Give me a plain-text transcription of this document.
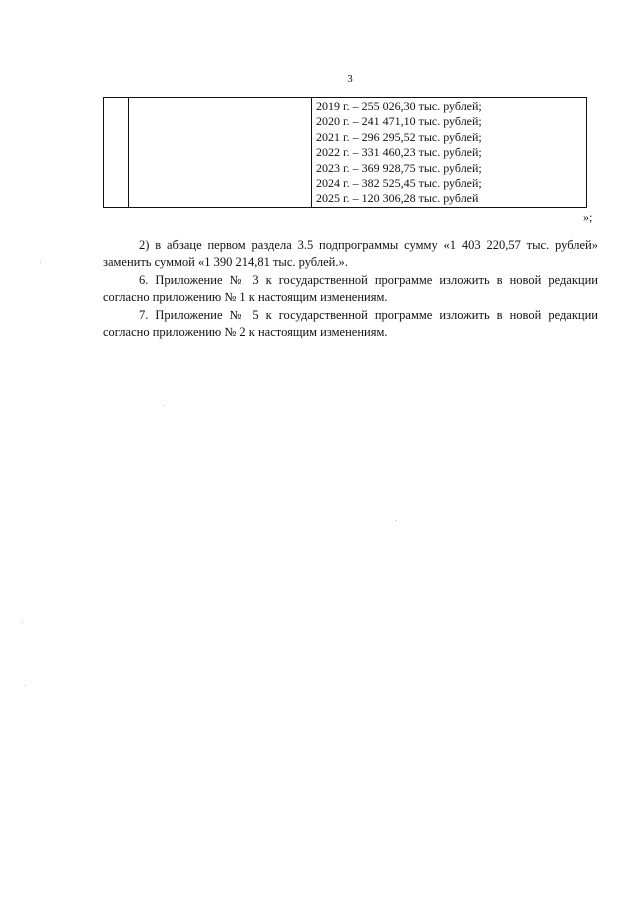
3

2019 г. – 255 026,30 тыс. рублей;
2020 г. – 241 471,10 тыс. рублей;
2021 г. – 296 295,52 тыс. рублей;
2022 г. – 331 460,23 тыс. рублей;
2023 г. – 369 928,75 тыс. рублей;
2024 г. – 382 525,45 тыс. рублей;
2025 г. – 120 306,28 тыс. рублей
»;

2) в абзаце первом раздела 3.5 подпрограммы сумму «1 403 220,57 тыс. рублей» заменить суммой «1 390 214,81 тыс. рублей.».

6. Приложение № 3 к государственной программе изложить в новой редакции согласно приложению № 1 к настоящим изменениям.

7. Приложение № 5 к государственной программе изложить в новой редакции согласно приложению № 2 к настоящим изменениям.
